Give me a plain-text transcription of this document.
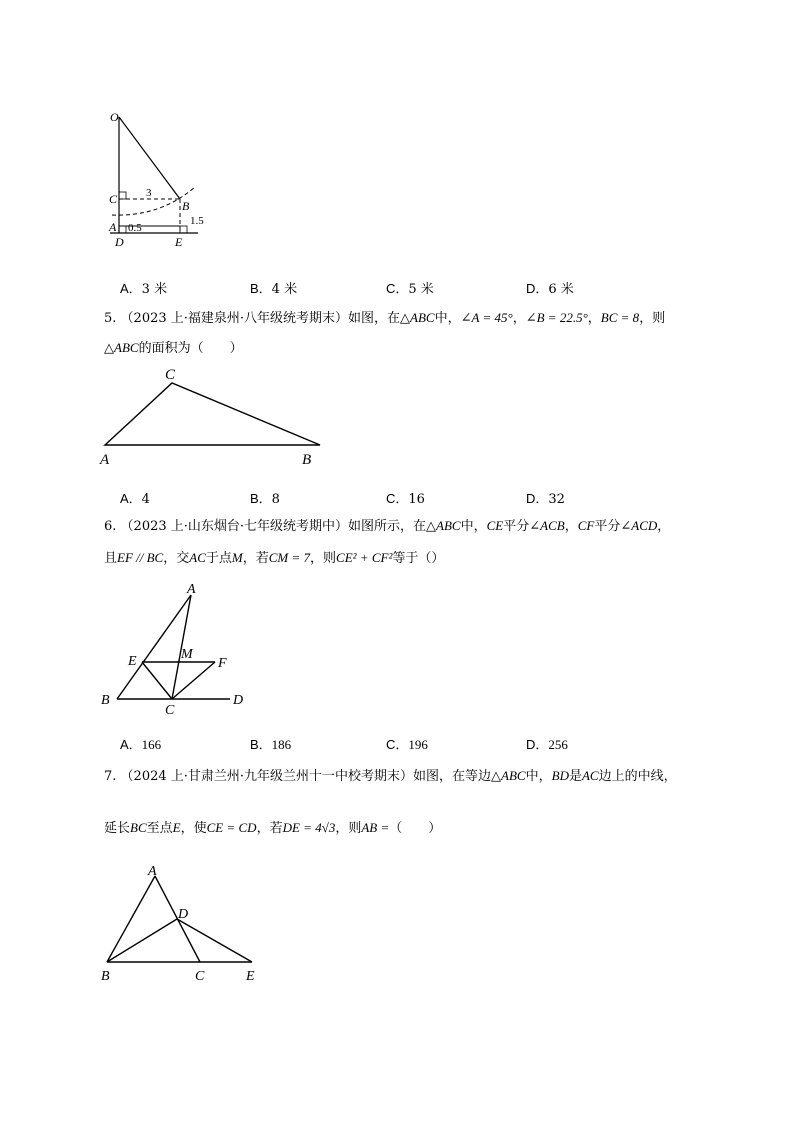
O
C	3
B
A 0.5
1.5
D	E
A．3 米	B．4 米	C．5 米	D．6 米
5. （2023 上·福建泉州·八年级统考期末）如图，在△ABC中，∠A = 45°，∠B = 22.5°，BC = 8，则
△ABC的面积为（　　）
C
A	B
A．4	B．8	C．16	D．32
6. （2023 上·山东烟台·七年级统考期中）如图所示，在△ABC中，CE平分∠ACB，CF平分∠ACD，
且EF // BC，交AC于点M，若CM = 7，则CE² + CF²等于（）
A
E	M
F
B
C
D
A．166	B．186	C．196	D．256
7. （2024 上·甘肃兰州·九年级兰州十一中校考期末）如图，在等边△ABC中，BD是AC边上的中线，
延长BC至点E，使CE = CD，若DE = 4√3，则AB =（　　）
A
D
B	C	E
